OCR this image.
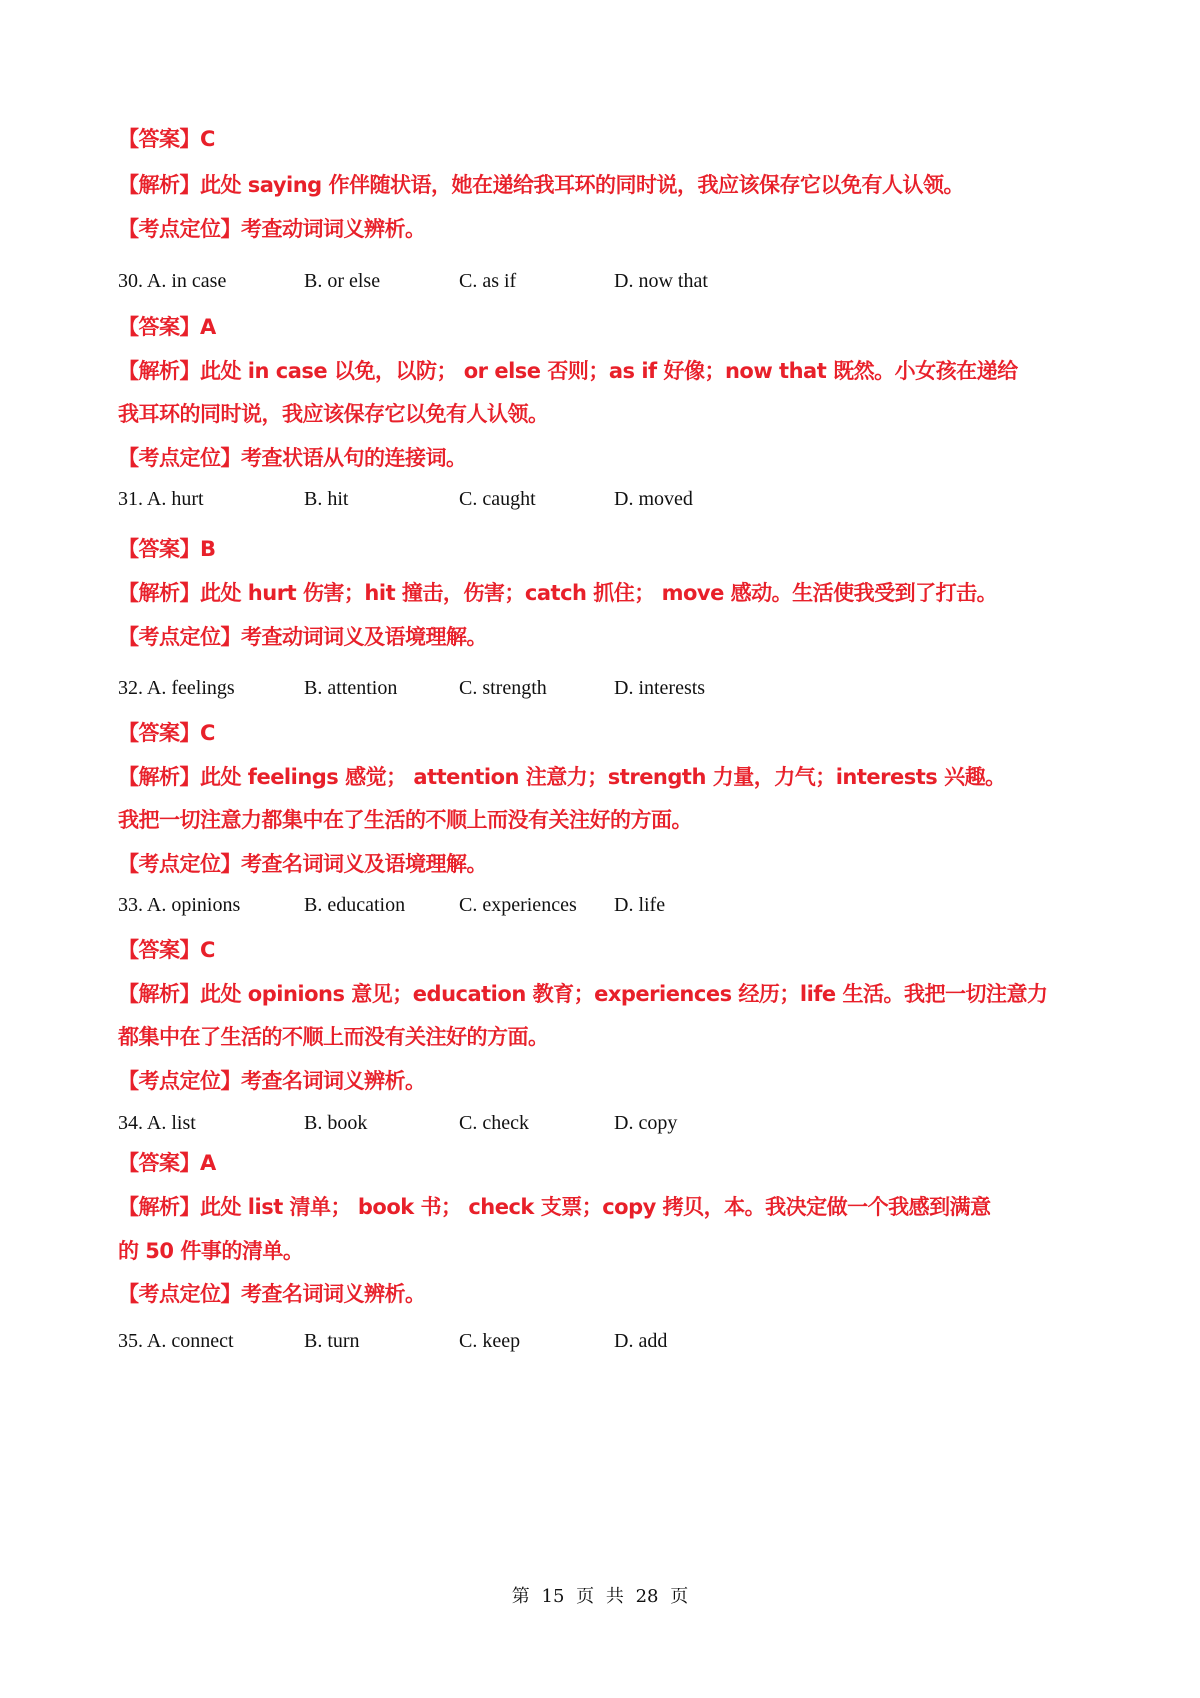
【答案】C
【解析】此处 saying 作伴随状语，她在递给我耳环的同时说，我应该保存它以免有人认领。
【考点定位】考查动词词义辨析。
30. A. in case	B. or else	C. as if	D. now that
【答案】A
【解析】此处 in case 以免，以防； or else 否则；as if 好像；now that 既然。小女孩在递给
我耳环的同时说，我应该保存它以免有人认领。
【考点定位】考查状语从句的连接词。
31. A. hurt	B. hit	C. caught	D. moved
【答案】B
【解析】此处 hurt 伤害；hit 撞击，伤害；catch 抓住； move 感动。生活使我受到了打击。
【考点定位】考查动词词义及语境理解。
32. A. feelings	B. attention	C. strength	D. interests
【答案】C
【解析】此处 feelings 感觉； attention 注意力；strength 力量，力气；interests 兴趣。
我把一切注意力都集中在了生活的不顺上而没有关注好的方面。
【考点定位】考查名词词义及语境理解。
33. A. opinions	B. education	C. experiences D. life
【答案】C
【解析】此处 opinions 意见；education 教育；experiences 经历；life 生活。我把一切注意力
都集中在了生活的不顺上而没有关注好的方面。
【考点定位】考查名词词义辨析。
34. A. list	B. book	C. check	D. copy
【答案】A
【解析】此处 list 清单； book 书； check 支票；copy 拷贝，本。我决定做一个我感到满意
的 50 件事的清单。
【考点定位】考查名词词义辨析。
35. A. connect	B. turn	C. keep	D. add
第 15 页 共 28 页
